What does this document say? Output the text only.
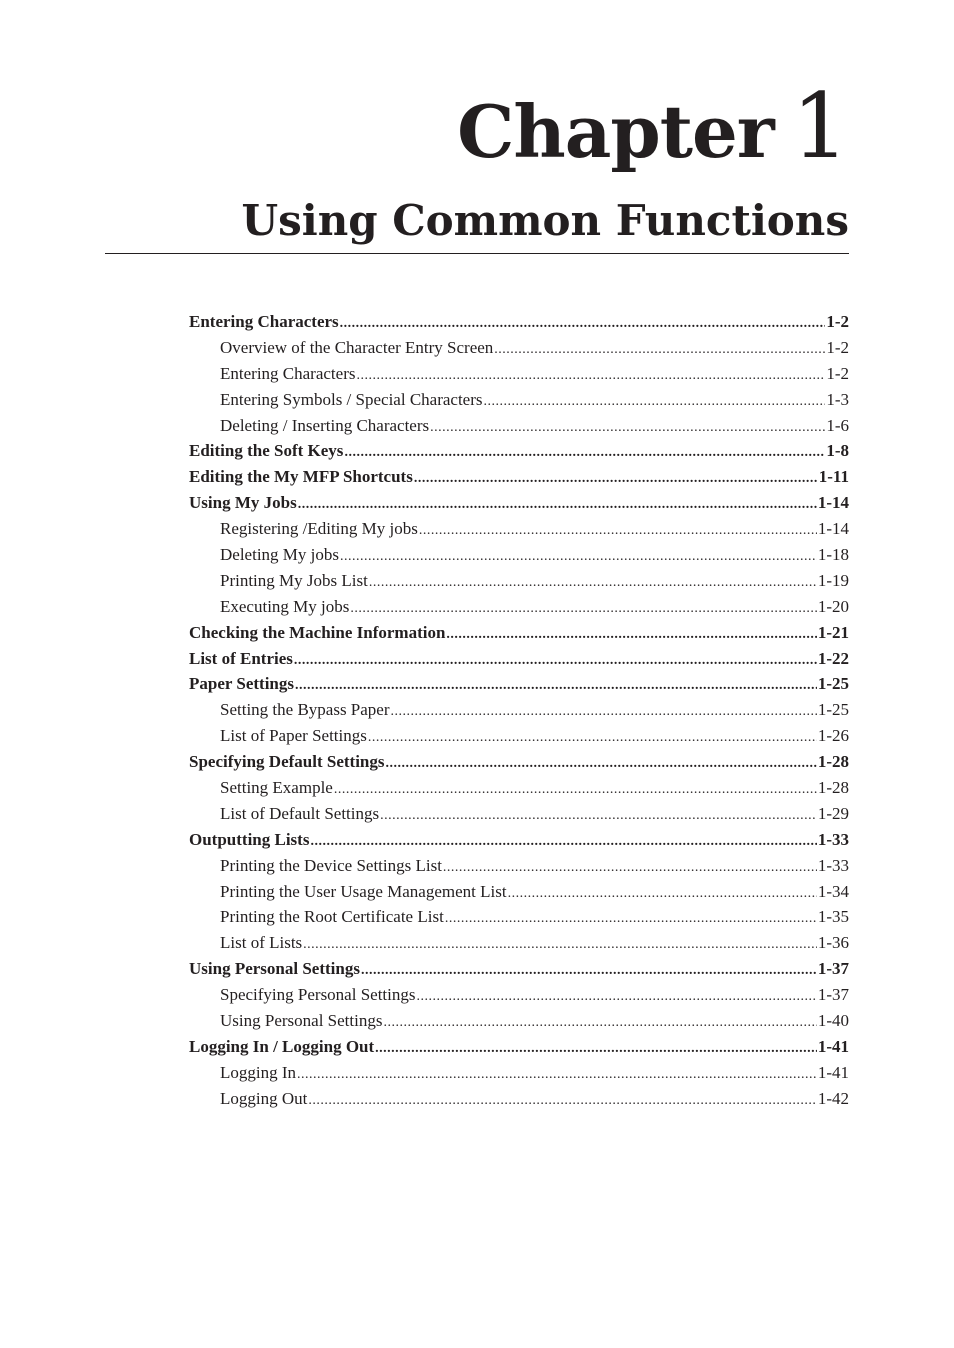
Chapter 1
Using Common Functions
Entering Characters .....	1-2
Overview of the Character Entry Screen .....	1-2
Entering Characters .....	1-2
Entering Symbols / Special Characters .....	1-3
Deleting / Inserting Characters .....	1-6
Editing the Soft Keys .....	1-8
Editing the My MFP Shortcuts .....	1-11
Using My Jobs .....	1-14
Registering /Editing My jobs .....	1-14
Deleting My jobs .....	1-18
Printing My Jobs List .....	1-19
Executing My jobs .....	1-20
Checking the Machine Information .....	1-21
List of Entries .....	1-22
Paper Settings .....	1-25
Setting the Bypass Paper .....	1-25
List of Paper Settings .....	1-26
Specifying Default Settings .....	1-28
Setting Example .....	1-28
List of Default Settings .....	1-29
Outputting Lists .....	1-33
Printing the Device Settings List .....	1-33
Printing the User Usage Management List .....	1-34
Printing the Root Certificate List .....	1-35
List of Lists .....	1-36
Using Personal Settings .....	1-37
Specifying Personal Settings .....	1-37
Using Personal Settings .....	1-40
Logging In / Logging Out .....	1-41
Logging In .....	1-41
Logging Out .....	1-42
